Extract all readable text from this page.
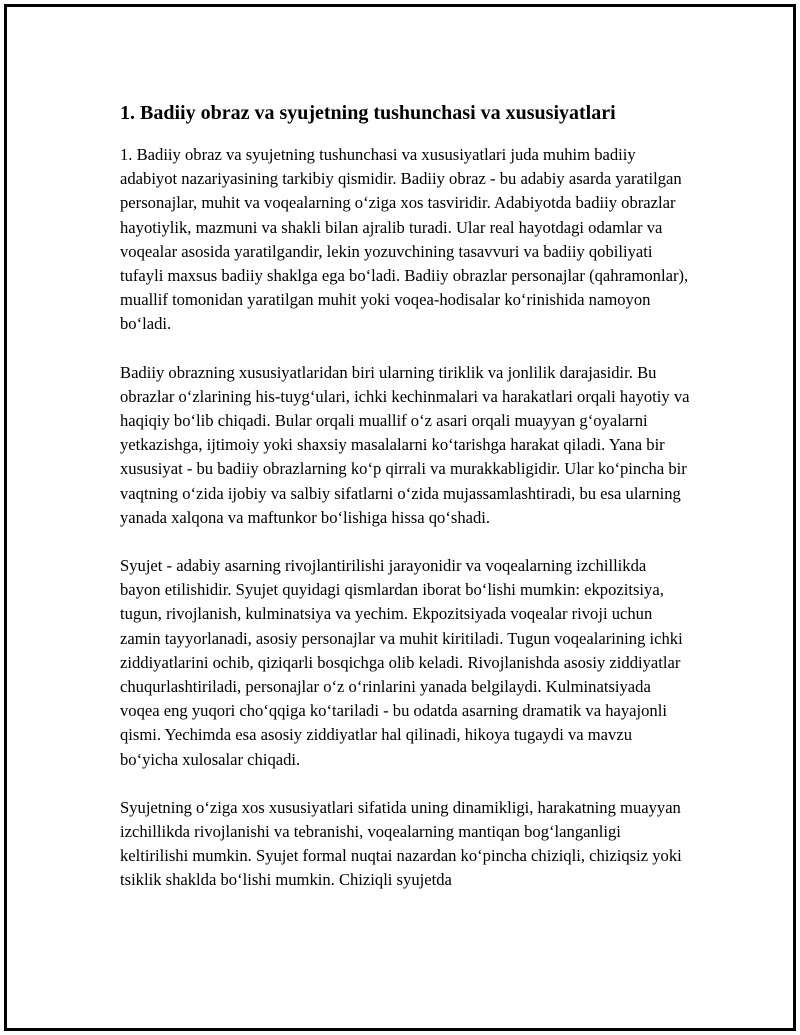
1. Badiiy obraz va syujetning tushunchasi va xususiyatlari

1. Badiiy obraz va syujetning tushunchasi va xususiyatlari juda muhim badiiy adabiyot nazariyasining tarkibiy qismidir. Badiiy obraz - bu adabiy asarda yaratilgan personajlar, muhit va voqealarning o‘ziga xos tasviridir. Adabiyotda badiiy obrazlar hayotiylik, mazmuni va shakli bilan ajralib turadi. Ular real hayotdagi odamlar va voqealar asosida yaratilgandir, lekin yozuvchining tasavvuri va badiiy qobiliyati tufayli maxsus badiiy shaklga ega bo‘ladi. Badiiy obrazlar personajlar (qahramonlar), muallif tomonidan yaratilgan muhit yoki voqea-hodisalar ko‘rinishida namoyon bo‘ladi.

Badiiy obrazning xususiyatlaridan biri ularning tiriklik va jonlilik darajasidir. Bu obrazlar o‘zlarining his-tuyg‘ulari, ichki kechinmalari va harakatlari orqali hayotiy va haqiqiy bo‘lib chiqadi. Bular orqali muallif o‘z asari orqali muayyan g‘oyalarni yetkazishga, ijtimoiy yoki shaxsiy masalalarni ko‘tarishga harakat qiladi. Yana bir xususiyat - bu badiiy obrazlarning ko‘p qirrali va murakkabligidir. Ular ko‘pincha bir vaqtning o‘zida ijobiy va salbiy sifatlarni o‘zida mujassamlashtiradi, bu esa ularning yanada xalqona va maftunkor bo‘lishiga hissa qo‘shadi.

Syujet - adabiy asarning rivojlantirilishi jarayonidir va voqealarning izchillikda bayon etilishidir. Syujet quyidagi qismlardan iborat bo‘lishi mumkin: ekpozitsiya, tugun, rivojlanish, kulminatsiya va yechim. Ekpozitsiyada voqealar rivoji uchun zamin tayyorlanadi, asosiy personajlar va muhit kiritiladi. Tugun voqealarining ichki ziddiyatlarini ochib, qiziqarli bosqichga olib keladi. Rivojlanishda asosiy ziddiyatlar chuqurlashtiriladi, personajlar o‘z o‘rinlarini yanada belgilaydi. Kulminatsiyada voqea eng yuqori cho‘qqiga ko‘tariladi - bu odatda asarning dramatik va hayajonli qismi. Yechimda esa asosiy ziddiyatlar hal qilinadi, hikoya tugaydi va mavzu bo‘yicha xulosalar chiqadi.

Syujetning o‘ziga xos xususiyatlari sifatida uning dinamikligi, harakatning muayyan izchillikda rivojlanishi va tebranishi, voqealarning mantiqan bog‘langanligi keltirilishi mumkin. Syujet formal nuqtai nazardan ko‘pincha chiziqli, chiziqsiz yoki tsiklik shaklda bo‘lishi mumkin. Chiziqli syujetda
